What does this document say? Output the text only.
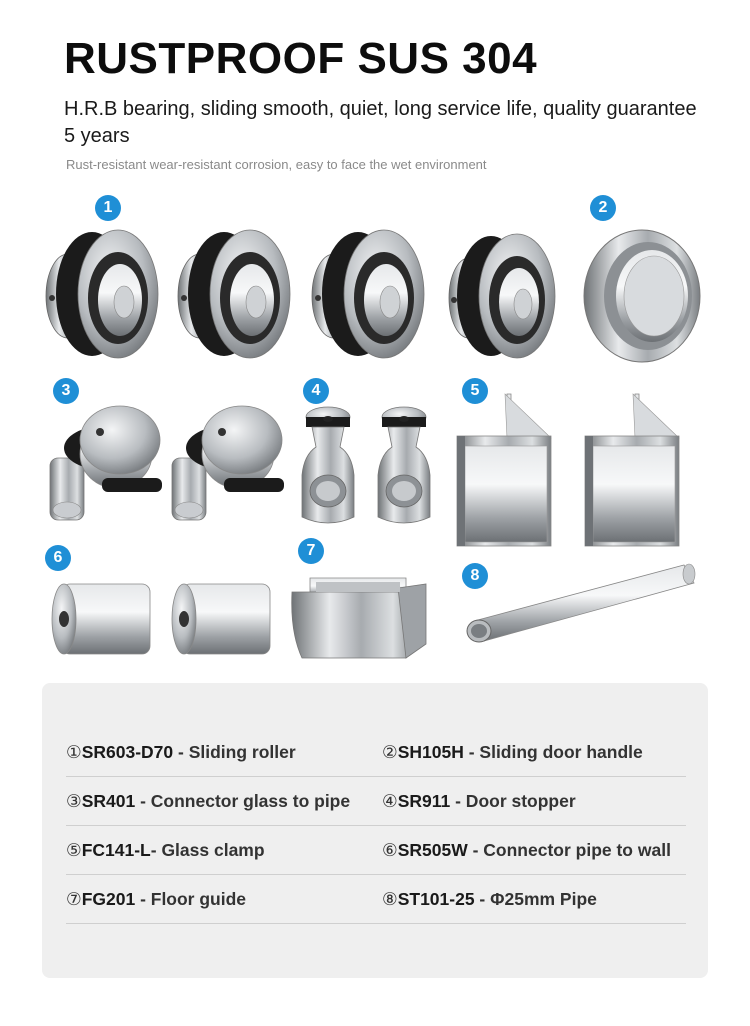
RUSTPROOF SUS 304
H.R.B bearing, sliding smooth, quiet, long service life, quality guarantee 5 years
Rust-resistant wear-resistant corrosion, easy to face the wet environment
1	2
3	4	5
6	7
8
①SR603-D70 - Sliding roller	②SH105H - Sliding door handle
③SR401 - Connector glass to pipe ④SR911 - Door stopper
⑤FC141-L- Glass clamp	⑥SR505W - Connector pipe to wall
⑦FG201 - Floor guide	⑧ST101-25 - Φ25mm Pipe
